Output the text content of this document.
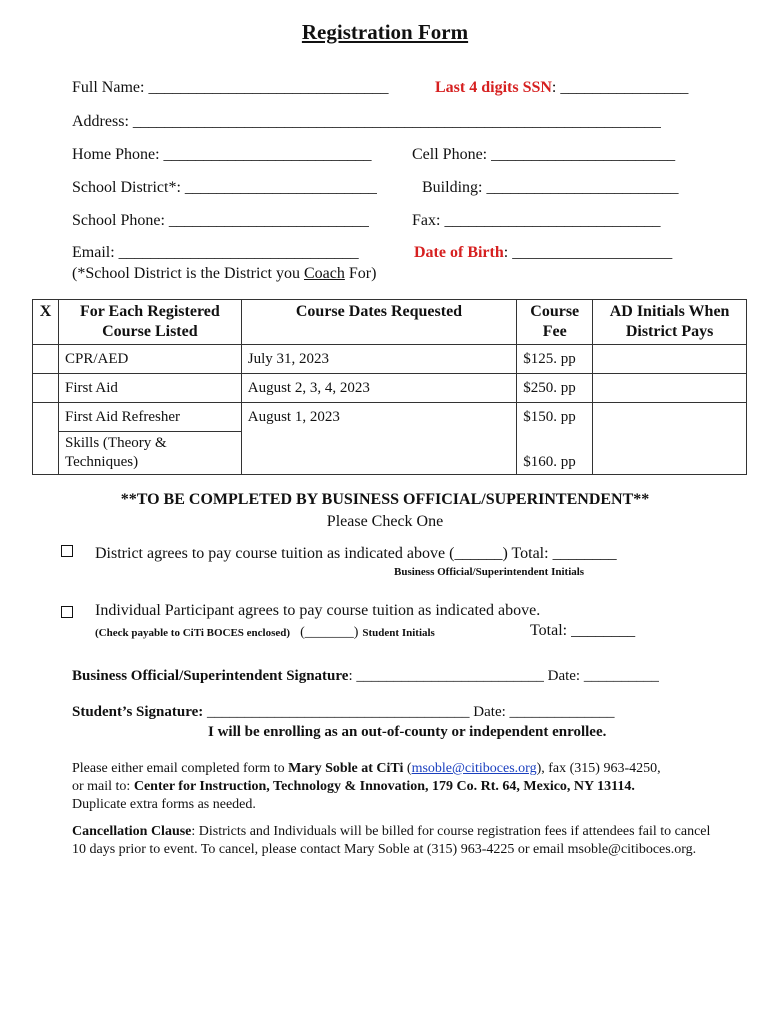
Registration Form
Full Name: ______________________________	Last 4 digits SSN: ________________
Address: __________________________________________________________________
Home Phone: __________________________	Cell Phone: _______________________
School District*: ________________________	Building: ________________________
School Phone: _________________________	Fax: ___________________________
Email: ______________________________	Date of Birth: ____________________
(*School District is the District you Coach For)
X	For Each Registered Course Listed	Course Dates Requested	Course Fee	AD Initials When District Pays
	CPR/AED	July 31, 2023	$125. pp	
	First Aid	August 2, 3, 4, 2023	$250. pp	
	First Aid Refresher	August 1, 2023	$150. pp	
	Skills (Theory & Techniques)		$160. pp	
**TO BE COMPLETED BY BUSINESS OFFICIAL/SUPERINTENDENT**
Please Check One
District agrees to pay course tuition as indicated above (______) Total: ________
Business Official/Superintendent Initials
Individual Participant agrees to pay course tuition as indicated above.
(Check payable to CiTi BOCES enclosed) (_______) Student Initials	Total: ________
Business Official/Superintendent Signature: _________________________ Date: __________
Student’s Signature: ___________________________________ Date: ______________
I will be enrolling as an out-of-county or independent enrollee.
Please either email completed form to Mary Soble at CiTi (msoble@citiboces.org), fax (315) 963-4250,
or mail to: Center for Instruction, Technology & Innovation, 179 Co. Rt. 64, Mexico, NY 13114.
Duplicate extra forms as needed.
Cancellation Clause: Districts and Individuals will be billed for course registration fees if attendees fail to cancel 10 days prior to event. To cancel, please contact Mary Soble at (315) 963-4225 or email msoble@citiboces.org.
